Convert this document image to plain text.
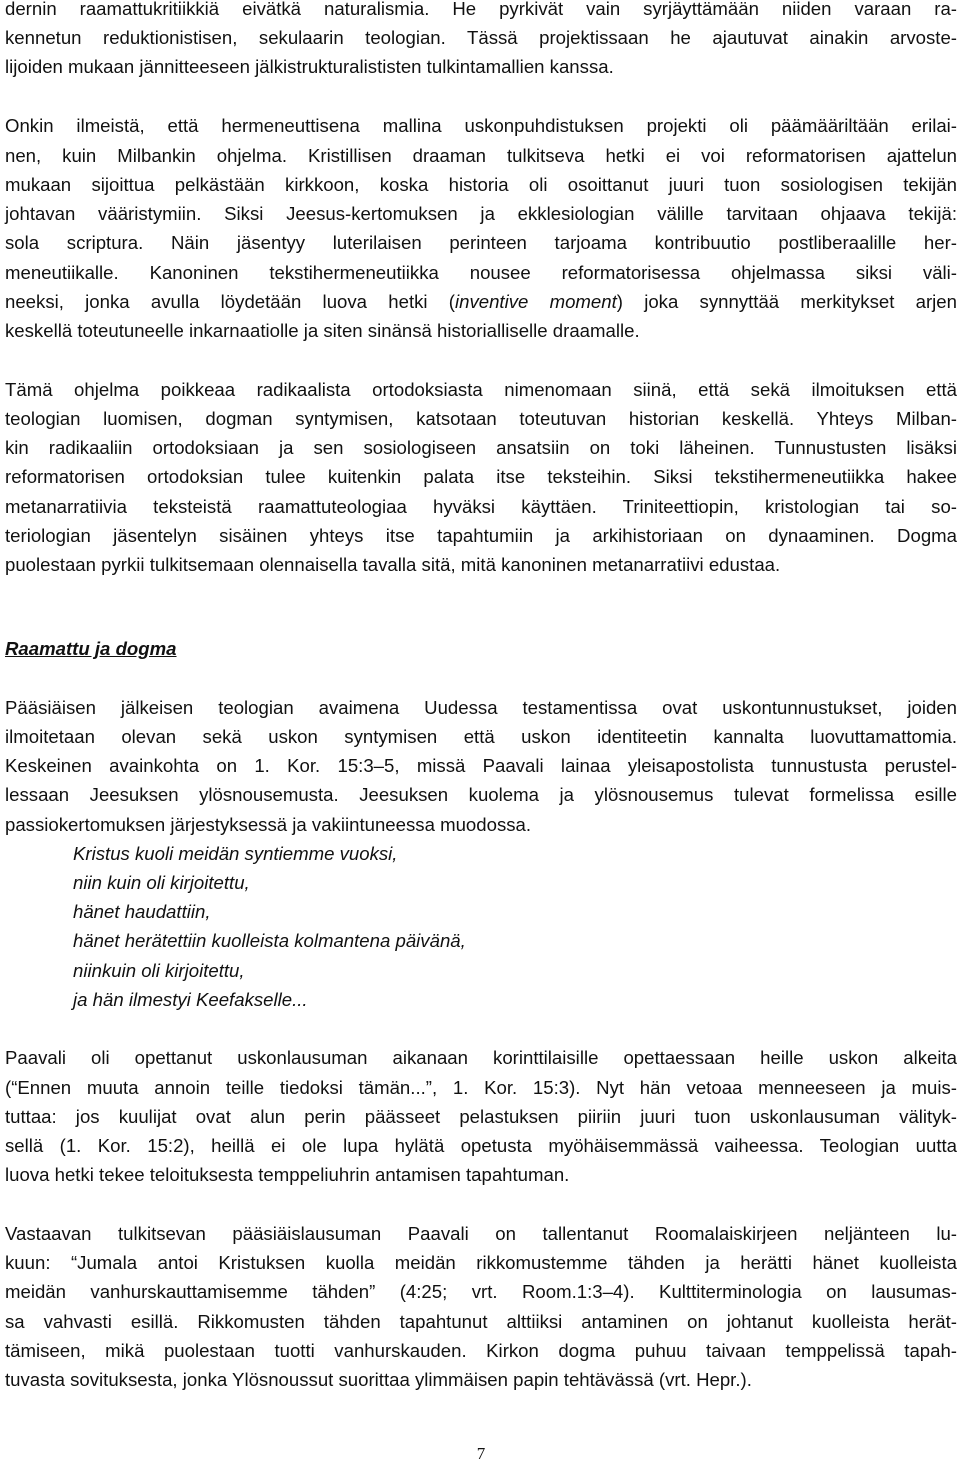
dernin raamattukritiikkiä eivätkä naturalismia. He pyrkivät vain syrjäyttämään niiden varaan ra-
kennetun reduktionistisen, sekulaarin teologian. Tässä projektissaan he ajautuvat ainakin arvoste-
lijoiden mukaan jännitteeseen jälkistrukturalististen tulkintamallien kanssa.
Onkin ilmeistä, että hermeneuttisena mallina uskonpuhdistuksen projekti oli päämääriltään erilai-
nen, kuin Milbankin ohjelma. Kristillisen draaman tulkitseva hetki ei voi reformatorisen ajattelun
mukaan sijoittua pelkästään kirkkoon, koska historia oli osoittanut juuri tuon sosiologisen tekijän
johtavan vääristymiin. Siksi Jeesus-kertomuksen ja ekklesiologian välille tarvitaan ohjaava tekijä:
sola scriptura. Näin jäsentyy luterilaisen perinteen tarjoama kontribuutio postliberaalille her-
meneutiikalle. Kanoninen tekstihermeneutiikka nousee reformatorisessa ohjelmassa siksi väli-
neeksi, jonka avulla löydetään luova hetki (inventive moment) joka synnyttää merkitykset arjen
keskellä toteutuneelle inkarnaatiolle ja siten sinänsä historialliselle draamalle.
Tämä ohjelma poikkeaa radikaalista ortodoksiasta nimenomaan siinä, että sekä ilmoituksen että
teologian luomisen, dogman syntymisen, katsotaan toteutuvan historian keskellä. Yhteys Milban-
kin radikaaliin ortodoksiaan ja sen sosiologiseen ansatsiin on toki läheinen. Tunnustusten lisäksi
reformatorisen ortodoksian tulee kuitenkin palata itse teksteihin. Siksi tekstihermeneutiikka hakee
metanarratiivia teksteistä raamattuteologiaa hyväksi käyttäen. Triniteettiopin, kristologian tai so-
teriologian jäsentelyn sisäinen yhteys itse tapahtumiin ja arkihistoriaan on dynaaminen. Dogma
puolestaan pyrkii tulkitsemaan olennaisella tavalla sitä, mitä kanoninen metanarratiivi edustaa.
Raamattu ja dogma
Pääsiäisen jälkeisen teologian avaimena Uudessa testamentissa ovat uskontunnustukset, joiden
ilmoitetaan olevan sekä uskon syntymisen että uskon identiteetin kannalta luovuttamattomia.
Keskeinen avainkohta on 1. Kor. 15:3–5, missä Paavali lainaa yleisapostolista tunnustusta perustel-
lessaan Jeesuksen ylösnousemusta. Jeesuksen kuolema ja ylösnousemus tulevat formelissa esille
passiokertomuksen järjestyksessä ja vakiintuneessa muodossa.
Kristus kuoli meidän syntiemme vuoksi,
niin kuin oli kirjoitettu,
hänet haudattiin,
hänet herätettiin kuolleista kolmantena päivänä,
niinkuin oli kirjoitettu,
ja hän ilmestyi Keefakselle...
Paavali oli opettanut uskonlausuman aikanaan korinttilaisille opettaessaan heille uskon alkeita
(“Ennen muuta annoin teille tiedoksi tämän...”, 1. Kor. 15:3). Nyt hän vetoaa menneeseen ja muis-
tuttaa: jos kuulijat ovat alun perin päässeet pelastuksen piiriin juuri tuon uskonlausuman välityk-
sellä (1. Kor. 15:2), heillä ei ole lupa hylätä opetusta myöhäisemmässä vaiheessa. Teologian uutta
luova hetki tekee teloituksesta temppeliuhrin antamisen tapahtuman.
Vastaavan tulkitsevan pääsiäislausuman Paavali on tallentanut Roomalaiskirjeen neljänteen lu-
kuun: “Jumala antoi Kristuksen kuolla meidän rikkomustemme tähden ja herätti hänet kuolleista
meidän vanhurskauttamisemme tähden” (4:25; vrt. Room.1:3–4). Kulttiterminologia on lausumas-
sa vahvasti esillä. Rikkomusten tähden tapahtunut alttiiksi antaminen on johtanut kuolleista herät-
tämiseen, mikä puolestaan tuotti vanhurskauden. Kirkon dogma puhuu taivaan temppelissä tapah-
tuvasta sovituksesta, jonka Ylösnoussut suorittaa ylimmäisen papin tehtävässä (vrt. Hepr.).
7
